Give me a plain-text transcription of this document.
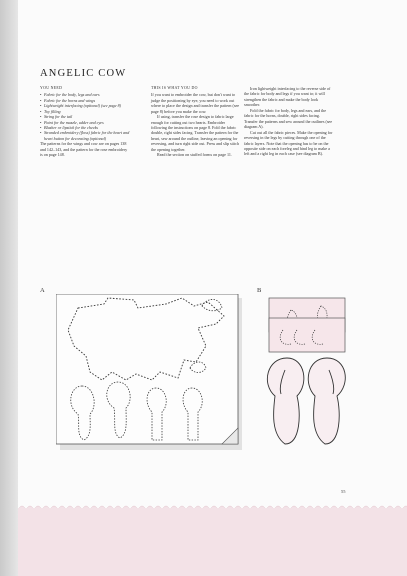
ANGELIC COW

YOU NEED

• Fabric for the body, legs and ears
• Fabric for the horns and wings
• Lightweight interfacing (optional) (see page 8)
• Toy filling
• String for the tail
• Paint for the muzzle, udder and eyes
• Blusher or lipstick for the cheeks
• Stranded embroidery (floss) fabric for the heart and heart button for decorating (optional)

The patterns for the wings and cow are on pages 138 and 142–143, and the pattern for the rose embroidery is on page 148.

THIS IS WHAT YOU DO

If you want to embroider the cow, but don't want to judge the positioning by eye, you need to work out where to place the design and transfer the pattern (see page 8) before you make the cow.

If using, transfer the rose design to fabric large enough for cutting out two hearts. Embroider following the instructions on page 8. Fold the fabric double, right sides facing. Transfer the pattern for the heart, sew around the outline, leaving an opening for reversing, and turn right side out. Press and slip stitch the opening together.

Read the section on stuffed forms on page 11.

Iron lightweight interfacing to the reverse side of the fabric for body and legs if you want to; it will strengthen the fabric and make the body look smoother.

Fold the fabric for body, legs and ears, and the fabric for the horns, double, right sides facing. Transfer the patterns and sew around the outlines (see diagram A).

Cut out all the fabric pieces. Make the opening for reversing in the legs by cutting through one of the fabric layers. Note that the opening has to be on the opposite side on each foreleg and hind leg to make a left and a right leg in each case (see diagram B).

A	B
55
